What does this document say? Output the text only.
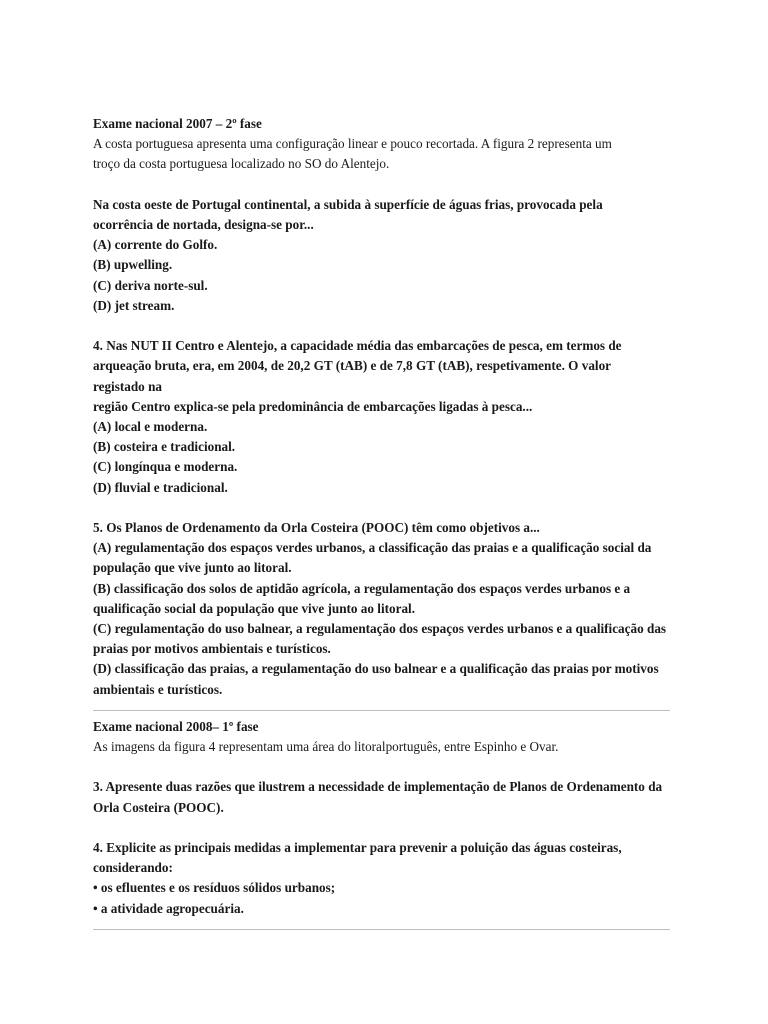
Exame nacional 2007 – 2º fase
A costa portuguesa apresenta uma configuração linear e pouco recortada. A figura 2 representa um
troço da costa portuguesa localizado no SO do Alentejo.
Na costa oeste de Portugal continental, a subida à superfície de águas frias, provocada pela
ocorrência de nortada, designa-se por...
(A) corrente do Golfo.
(B) upwelling.
(C) deriva norte-sul.
(D) jet stream.
4. Nas NUT II Centro e Alentejo, a capacidade média das embarcações de pesca, em termos de
arqueação bruta, era, em 2004, de 20,2 GT (tAB) e de 7,8 GT (tAB), respetivamente. O valor
registado na
região Centro explica-se pela predominância de embarcações ligadas à pesca...
(A) local e moderna.
(B) costeira e tradicional.
(C) longínqua e moderna.
(D) fluvial e tradicional.
5. Os Planos de Ordenamento da Orla Costeira (POOC) têm como objetivos a...
(A) regulamentação dos espaços verdes urbanos, a classificação das praias e a qualificação social da
população que vive junto ao litoral.
(B) classificação dos solos de aptidão agrícola, a regulamentação dos espaços verdes urbanos e a
qualificação social da população que vive junto ao litoral.
(C) regulamentação do uso balnear, a regulamentação dos espaços verdes urbanos e a qualificação das
praias por motivos ambientais e turísticos.
(D) classificação das praias, a regulamentação do uso balnear e a qualificação das praias por motivos
ambientais e turísticos.
Exame nacional 2008– 1º fase
As imagens da figura 4 representam uma área do litoralportuguês, entre Espinho e Ovar.
3. Apresente duas razões que ilustrem a necessidade de implementação de Planos de Ordenamento da
Orla Costeira (POOC).
4. Explicite as principais medidas a implementar para prevenir a poluição das águas costeiras,
considerando:
• os efluentes e os resíduos sólidos urbanos;
• a atividade agropecuária.
